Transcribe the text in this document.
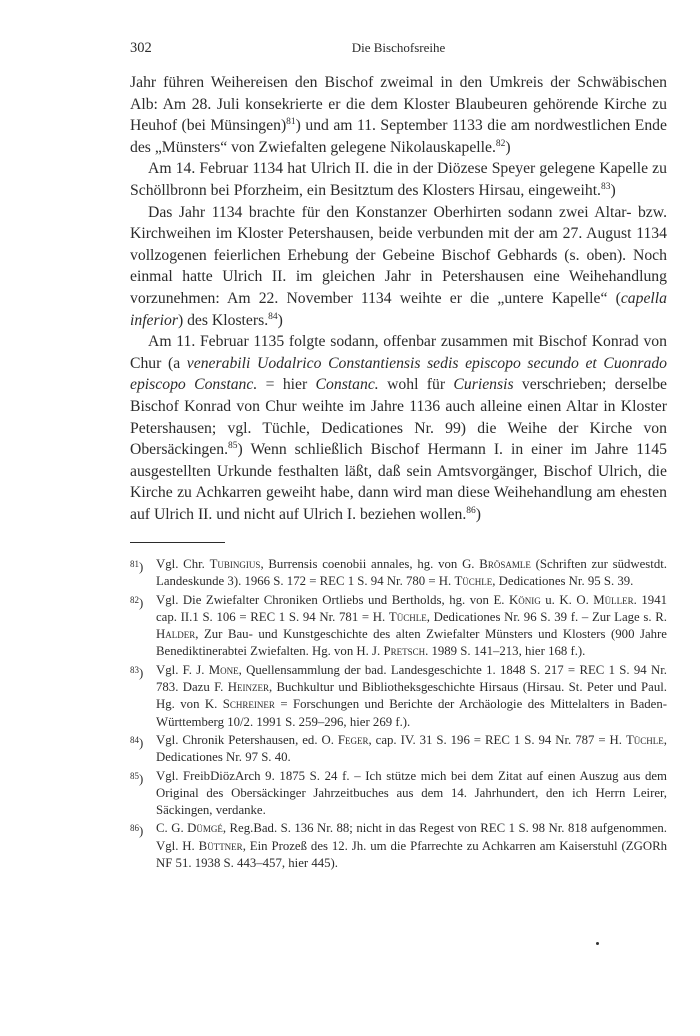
302	Die Bischofsreihe

Jahr führen Weihereisen den Bischof zweimal in den Umkreis der Schwäbischen Alb: Am 28. Juli konsekrierte er die dem Kloster Blaubeuren gehörende Kirche zu Heuhof (bei Münsingen)$^{81}$) und am 11. September 1133 die am nordwestlichen Ende des „Münsters“ von Zwiefalten gelegene Nikolauskapelle.$^{82}$)

Am 14. Februar 1134 hat Ulrich II. die in der Diözese Speyer gelegene Kapelle zu Schöllbronn bei Pforzheim, ein Besitztum des Klosters Hirsau, eingeweiht.$^{83}$)

Das Jahr 1134 brachte für den Konstanzer Oberhirten sodann zwei Altar- bzw. Kirchweihen im Kloster Petershausen, beide verbunden mit der am 27. August 1134 vollzogenen feierlichen Erhebung der Gebeine Bischof Gebhards (s. oben). Noch einmal hatte Ulrich II. im gleichen Jahr in Petershausen eine Weihehandlung vorzunehmen: Am 22. November 1134 weihte er die „untere Kapelle“ (capella inferior) des Klosters.$^{84}$)

Am 11. Februar 1135 folgte sodann, offenbar zusammen mit Bischof Konrad von Chur (a venerabili Uodalrico Constantiensis sedis episcopo secundo et Cuonrado episcopo Constanc. = hier Constanc. wohl für Curiensis verschrieben; derselbe Bischof Konrad von Chur weihte im Jahre 1136 auch alleine einen Altar in Kloster Petershausen; vgl. Tüchle, Dedicationes Nr. 99) die Weihe der Kirche von Obersäckingen.$^{85}$) Wenn schließlich Bischof Hermann I. in einer im Jahre 1145 ausgestellten Urkunde festhalten läßt, daß sein Amtsvorgänger, Bischof Ulrich, die Kirche zu Achkarren geweiht habe, dann wird man diese Weihehandlung am ehesten auf Ulrich II. und nicht auf Ulrich I. beziehen wollen.$^{86}$)

$^{81}$) Vgl. Chr. Tubingius, Burrensis coenobii annales, hg. von G. Brösamle (Schriften zur südwestdt. Landeskunde 3). 1966 S. 172 = REC 1 S. 94 Nr. 780 = H. Tüchle, Dedicationes Nr. 95 S. 39.
$^{82}$) Vgl. Die Zwiefalter Chroniken Ortliebs und Bertholds, hg. von E. König u. K. O. Müller. 1941 cap. II.1 S. 106 = REC 1 S. 94 Nr. 781 = H. Tüchle, Dedicationes Nr. 96 S. 39 f. – Zur Lage s. R. Halder, Zur Bau- und Kunstgeschichte des alten Zwiefalter Münsters und Klosters (900 Jahre Benediktinerabtei Zwiefalten. Hg. von H. J. Pretsch. 1989 S. 141–213, hier 168 f.).
$^{83}$) Vgl. F. J. Mone, Quellensammlung der bad. Landesgeschichte 1. 1848 S. 217 = REC 1 S. 94 Nr. 783. Dazu F. Heinzer, Buchkultur und Bibliotheksgeschichte Hirsaus (Hirsau. St. Peter und Paul. Hg. von K. Schreiner = Forschungen und Berichte der Archäologie des Mittelalters in Baden-Württemberg 10/2. 1991 S. 259–296, hier 269 f.).
$^{84}$) Vgl. Chronik Petershausen, ed. O. Feger, cap. IV. 31 S. 196 = REC 1 S. 94 Nr. 787 = H. Tüchle, Dedicationes Nr. 97 S. 40.
$^{85}$) Vgl. FreibDiözArch 9. 1875 S. 24 f. – Ich stütze mich bei dem Zitat auf einen Auszug aus dem Original des Obersäckinger Jahrzeitbuches aus dem 14. Jahrhundert, den ich Herrn Leirer, Säckingen, verdanke.
$^{86}$) C. G. Dümgé, Reg.Bad. S. 136 Nr. 88; nicht in das Regest von REC 1 S. 98 Nr. 818 aufgenommen. Vgl. H. Büttner, Ein Prozeß des 12. Jh. um die Pfarrechte zu Achkarren am Kaiserstuhl (ZGORh NF 51. 1938 S. 443–457, hier 445).
